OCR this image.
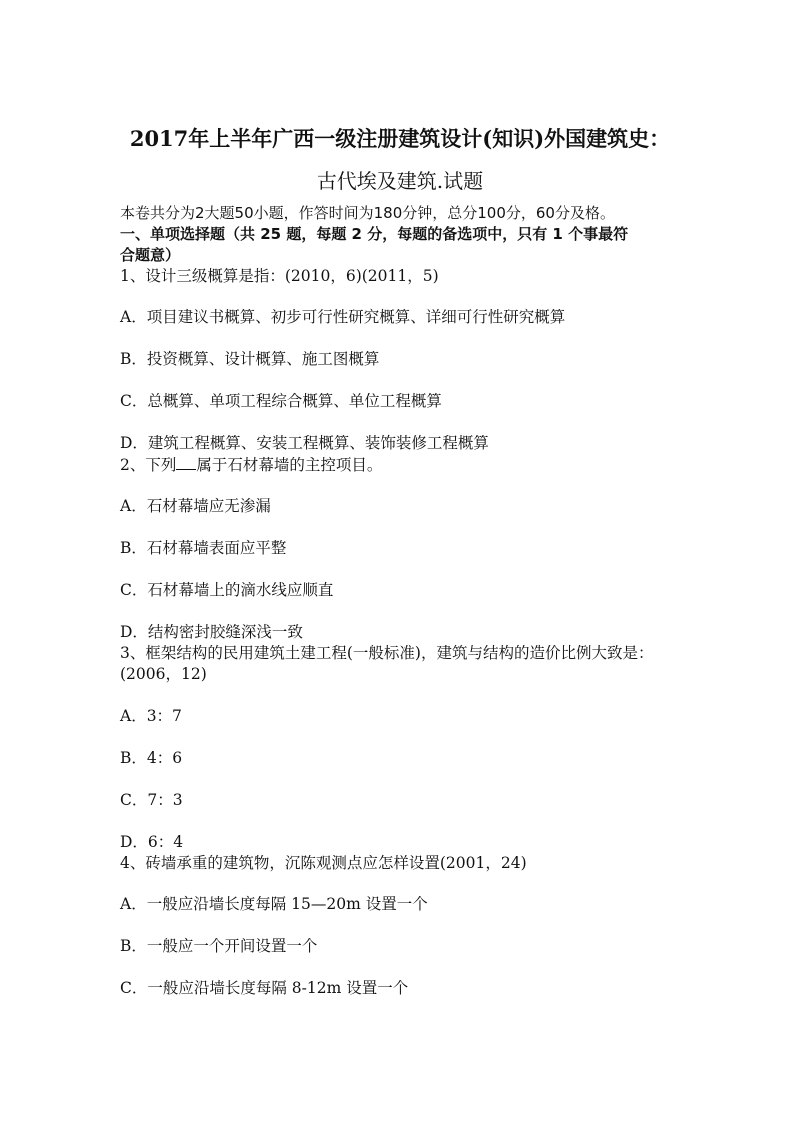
2017年上半年广西一级注册建筑设计(知识)外国建筑史：
古代埃及建筑.试题
本卷共分为2大题50小题，作答时间为180分钟，总分100分，60分及格。
一、单项选择题（共 25 题，每题 2 分，每题的备选项中，只有 1 个事最符
合题意）
1、设计三级概算是指：(2010，6)(2011，5)
A．项目建议书概算、初步可行性研究概算、详细可行性研究概算
B．投资概算、设计概算、施工图概算
C．总概算、单项工程综合概算、单位工程概算
D．建筑工程概算、安装工程概算、装饰装修工程概算
2、下列 属于石材幕墙的主控项目。
A．石材幕墙应无渗漏
B．石材幕墙表面应平整
C．石材幕墙上的滴水线应顺直
D．结构密封胶缝深浅一致
3、框架结构的民用建筑土建工程(一般标准)，建筑与结构的造价比例大致是：
(2006，12)
A．3：7
B．4：6
C．7：3
D．6：4
4、砖墙承重的建筑物，沉陈观测点应怎样设置(2001，24)
A．一般应沿墙长度每隔 15—20m 设置一个
B．一般应一个开间设置一个
C．一般应沿墙长度每隔 8-12m 设置一个
